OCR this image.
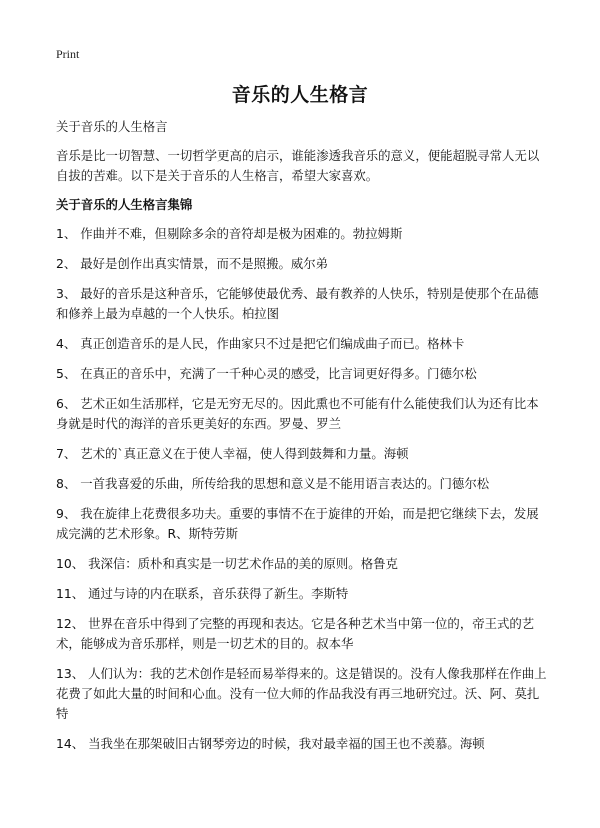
Print
音乐的人生格言

关于音乐的人生格言

音乐是比一切智慧、一切哲学更高的启示，谁能渗透我音乐的意义，便能超脱寻常人无以自拔的苦难。以下是关于音乐的人生格言，希望大家喜欢。

关于音乐的人生格言集锦

1、 作曲并不难，但剔除多余的音符却是极为困难的。勃拉姆斯
2、 最好是创作出真实情景，而不是照搬。威尔弟
3、 最好的音乐是这种音乐，它能够使最优秀、最有教养的人快乐，特别是使那个在品德和修养上最为卓越的一个人快乐。柏拉图
4、 真正创造音乐的是人民，作曲家只不过是把它们编成曲子而已。格林卡
5、 在真正的音乐中，充满了一千种心灵的感受，比言词更好得多。门德尔松
6、 艺术正如生活那样，它是无穷无尽的。因此熏也不可能有什么能使我们认为还有比本身就是时代的海洋的音乐更美好的东西。罗曼、罗兰
7、 艺术的`真正意义在于使人幸福，使人得到鼓舞和力量。海顿
8、 一首我喜爱的乐曲，所传给我的思想和意义是不能用语言表达的。门德尔松
9、 我在旋律上花费很多功夫。重要的事情不在于旋律的开始，而是把它继续下去，发展成完满的艺术形象。R、斯特劳斯
10、 我深信：质朴和真实是一切艺术作品的美的原则。格鲁克
11、 通过与诗的内在联系，音乐获得了新生。李斯特
12、 世界在音乐中得到了完整的再现和表达。它是各种艺术当中第一位的，帝王式的艺术，能够成为音乐那样，则是一切艺术的目的。叔本华
13、 人们认为：我的艺术创作是轻而易举得来的。这是错误的。没有人像我那样在作曲上花费了如此大量的时间和心血。没有一位大师的作品我没有再三地研究过。沃、阿、莫扎特
14、 当我坐在那架破旧古钢琴旁边的时候，我对最幸福的国王也不羡慕。海顿
